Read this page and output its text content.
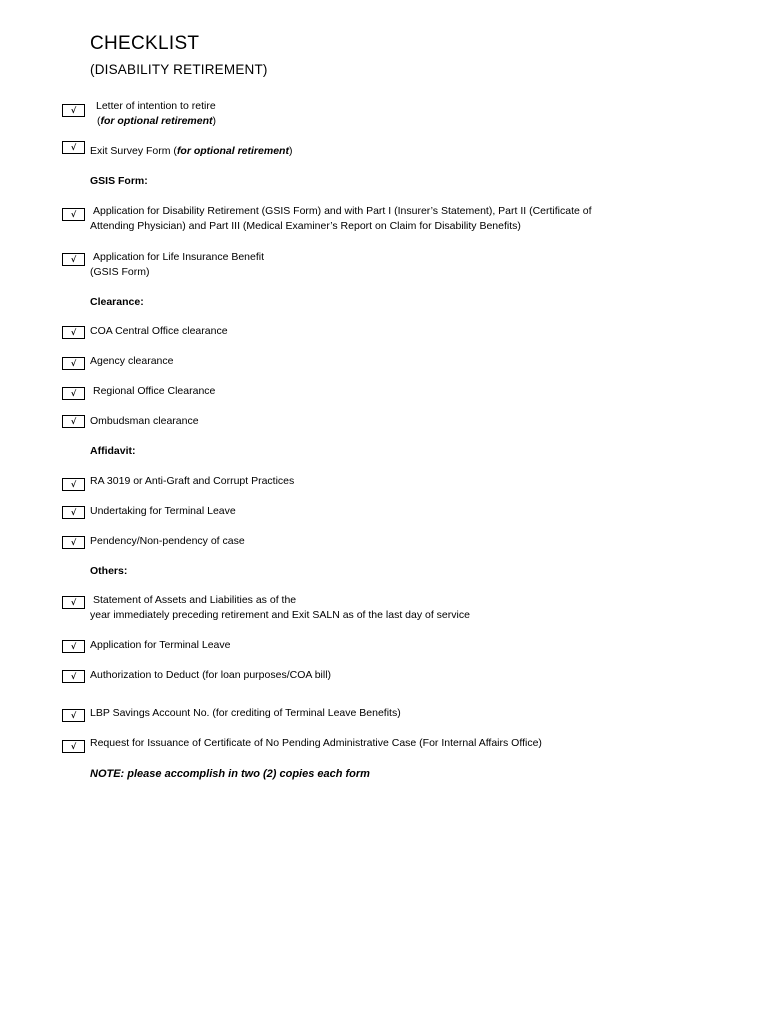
CHECKLIST
(DISABILITY RETIREMENT)
√	Letter of intention to retire
(for optional retirement)
√	Exit Survey Form (for optional retirement)
GSIS Form:
√	Application for Disability Retirement (GSIS Form) and with Part I (Insurer’s Statement), Part II (Certificate of
Attending Physician) and Part III (Medical Examiner’s Report on Claim for Disability Benefits)
√	Application for Life Insurance Benefit
(GSIS Form)
Clearance:
√	COA Central Office clearance
√	Agency clearance
√	Regional Office Clearance
√	Ombudsman clearance
Affidavit:
√	RA 3019 or Anti-Graft and Corrupt Practices
√	Undertaking for Terminal Leave
√	Pendency/Non-pendency of case
Others:
√	Statement of Assets and Liabilities as of the
year immediately preceding retirement and Exit SALN as of the last day of service
√	Application for Terminal Leave
√	Authorization to Deduct (for loan purposes/COA bill)
√	LBP Savings Account No. (for crediting of Terminal Leave Benefits)
√	Request for Issuance of Certificate of No Pending Administrative Case (For Internal Affairs Office)
NOTE: please accomplish in two (2) copies each form
